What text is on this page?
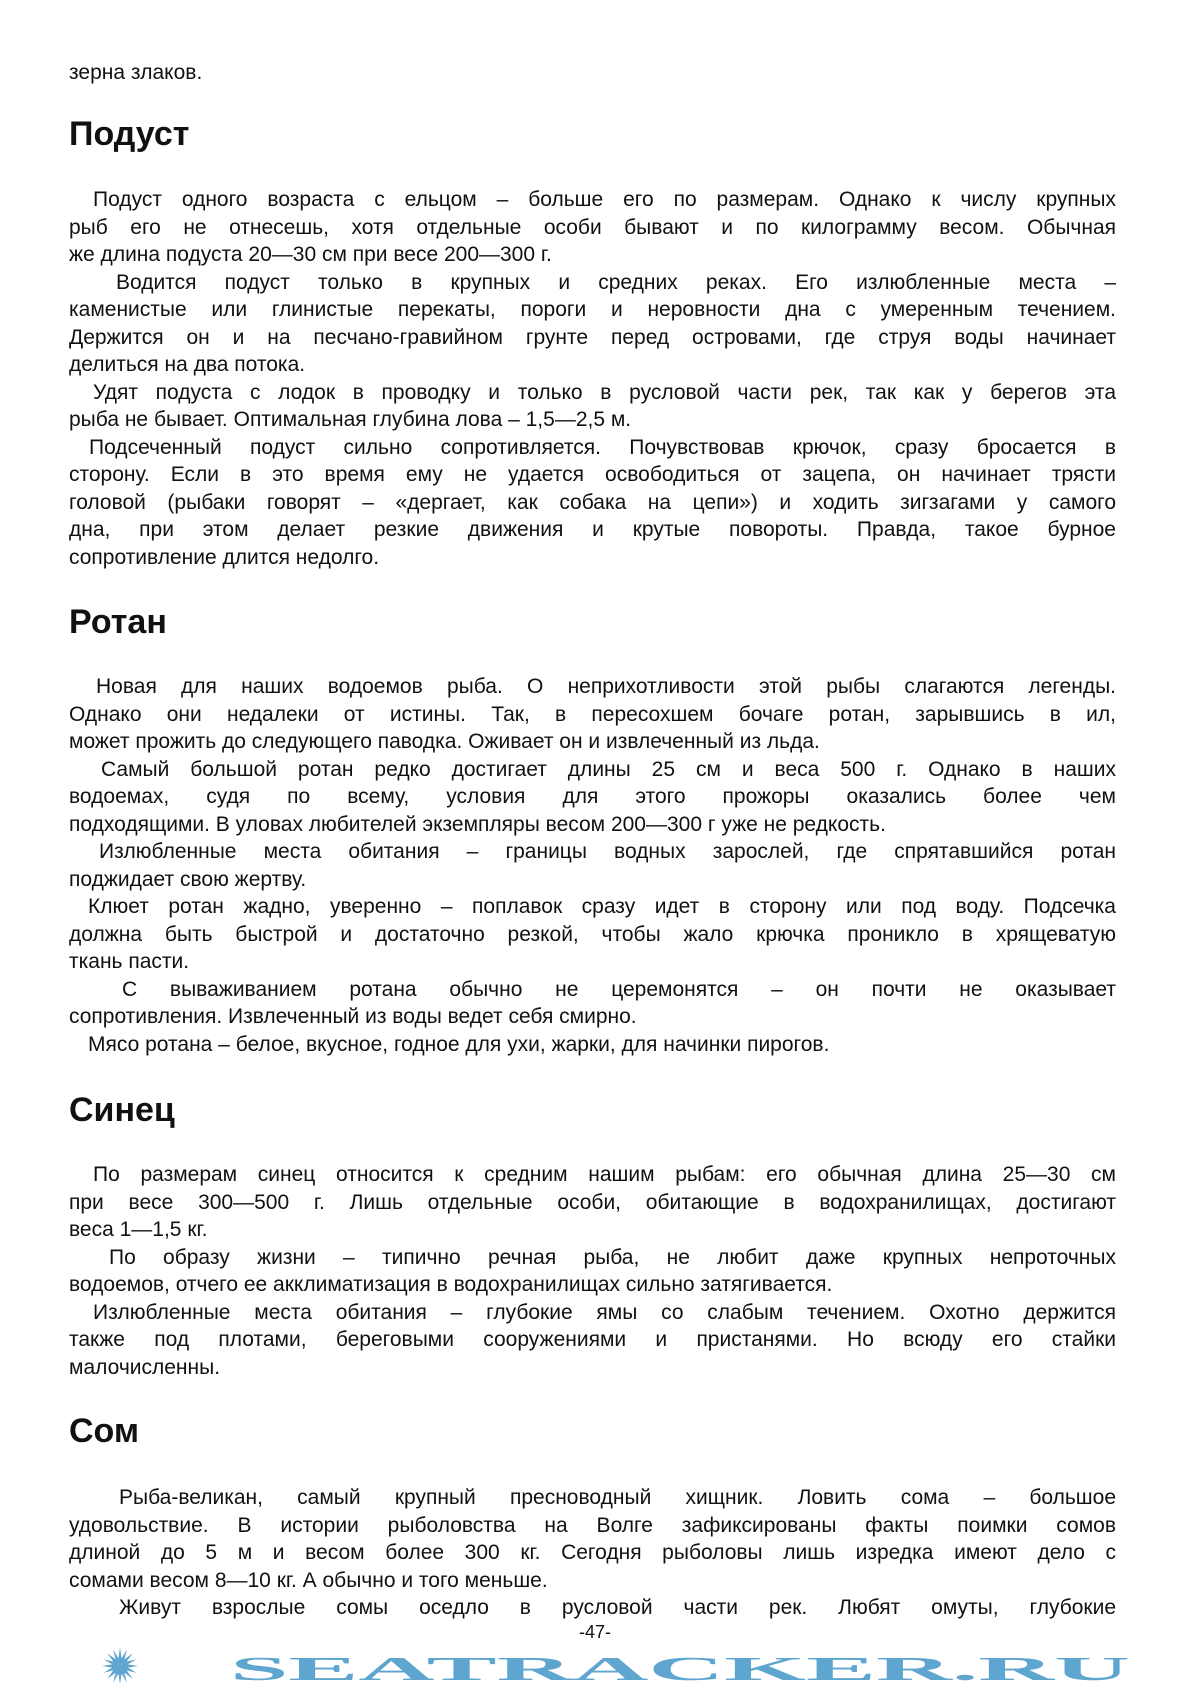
зерна злаков.
Подуст
Подуст одного возраста с ельцом – больше его по размерам. Однако к числу крупных
рыб его не отнесешь, хотя отдельные особи бывают и по килограмму весом. Обычная
же длина подуста 20—30 см при весе 200—300 г.
Водится подуст только в крупных и средних реках. Его излюбленные места –
каменистые или глинистые перекаты, пороги и неровности дна с умеренным течением.
Держится он и на песчано-гравийном грунте перед островами, где струя воды начинает
делиться на два потока.
Удят подуста с лодок в проводку и только в русловой части рек, так как у берегов эта
рыба не бывает. Оптимальная глубина лова – 1,5—2,5 м.
Подсеченный подуст сильно сопротивляется. Почувствовав крючок, сразу бросается в
сторону. Если в это время ему не удается освободиться от зацепа, он начинает трясти
головой (рыбаки говорят – «дергает, как собака на цепи») и ходить зигзагами у самого
дна, при этом делает резкие движения и крутые повороты. Правда, такое бурное
сопротивление длится недолго.
Ротан
Новая для наших водоемов рыба. О неприхотливости этой рыбы слагаются легенды.
Однако они недалеки от истины. Так, в пересохшем бочаге ротан, зарывшись в ил,
может прожить до следующего паводка. Оживает он и извлеченный из льда.
Самый большой ротан редко достигает длины 25 см и веса 500 г. Однако в наших
водоемах, судя по всему, условия для этого прожоры оказались более чем
подходящими. В уловах любителей экземпляры весом 200—300 г уже не редкость.
Излюбленные места обитания – границы водных зарослей, где спрятавшийся ротан
поджидает свою жертву.
Клюет ротан жадно, уверенно – поплавок сразу идет в сторону или под воду. Подсечка
должна быть быстрой и достаточно резкой, чтобы жало крючка проникло в хрящеватую
ткань пасти.
С вываживанием ротана обычно не церемонятся – он почти не оказывает
сопротивления. Извлеченный из воды ведет себя смирно.
Мясо ротана – белое, вкусное, годное для ухи, жарки, для начинки пирогов.
Синец
По размерам синец относится к средним нашим рыбам: его обычная длина 25—30 см
при весе 300—500 г. Лишь отдельные особи, обитающие в водохранилищах, достигают
веса 1—1,5 кг.
По образу жизни – типично речная рыба, не любит даже крупных непроточных
водоемов, отчего ее акклиматизация в водохранилищах сильно затягивается.
Излюбленные места обитания – глубокие ямы со слабым течением. Охотно держится
также под плотами, береговыми сооружениями и пристанями. Но всюду его стайки
малочисленны.
Сом
Рыба-великан, самый крупный пресноводный хищник. Ловить сома – большое
удовольствие. В истории рыболовства на Волге зафиксированы факты поимки сомов
длиной до 5 м и весом более 300 кг. Сегодня рыболовы лишь изредка имеют дело с
сомами весом 8—10 кг. А обычно и того меньше.
Живут взрослые сомы оседло в русловой части рек. Любят омуты, глубокие
-47-
SEATRACKER.RU
